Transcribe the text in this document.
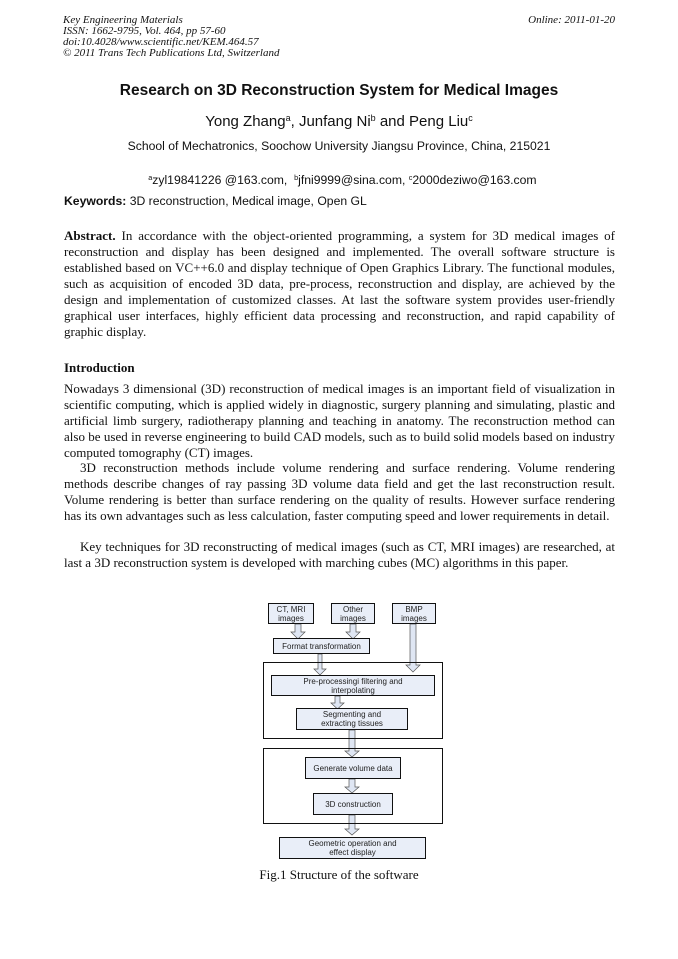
Key Engineering Materials
ISSN: 1662-9795, Vol. 464, pp 57-60
doi:10.4028/www.scientific.net/KEM.464.57
© 2011 Trans Tech Publications Ltd, Switzerland
Online: 2011-01-20
Research on 3D Reconstruction System for Medical Images
Yong Zhang$^a$, Junfang Ni$^b$ and Peng Liu$^c$
School of Mechatronics, Soochow University Jiangsu Province, China, 215021

$^a$zyl19841226 @163.com,  $^b$jfni9999@sina.com, $^c$2000deziwo@163.com

Keywords: 3D reconstruction, Medical image, Open GL
Abstract. In accordance with the object-oriented programming, a system for 3D medical images of reconstruction and display has been designed and implemented. The overall software structure is established based on VC++6.0 and display technique of Open Graphics Library. The functional modules, such as acquisition of encoded 3D data, pre-process, reconstruction and display, are achieved by the design and implementation of customized classes. At last the software system provides user-friendly graphical user interfaces, highly efficient data processing and reconstruction, and rapid capability of graphic display.
Introduction
Nowadays 3 dimensional (3D) reconstruction of medical images is an important field of visualization in scientific computing, which is applied widely in diagnostic, surgery planning and simulating, plastic and artificial limb surgery, radiotherapy planning and teaching in anatomy. The reconstruction method can also be used in reverse engineering to build CAD models, such as to build solid models based on industry computed tomography (CT) images.
3D reconstruction methods include volume rendering and surface rendering. Volume rendering methods describe changes of ray passing 3D volume data field and get the last reconstruction result. Volume rendering is better than surface rendering on the quality of results. However surface rendering has its own advantages such as less calculation, faster computing speed and lower requirements in detail.
Key techniques for 3D reconstructing of medical images (such as CT, MRI images) are researched, at last a 3D reconstruction system is developed with marching cubes (MC) algorithms in this paper.
CT, MRI images
Other images
BMP images
Format transformation
Pre-processingі filtering and interpolating
Segmenting and extracting tissues
Generate volume data
3D construction
Geometric operation and effect display
Fig.1 Structure of the software
